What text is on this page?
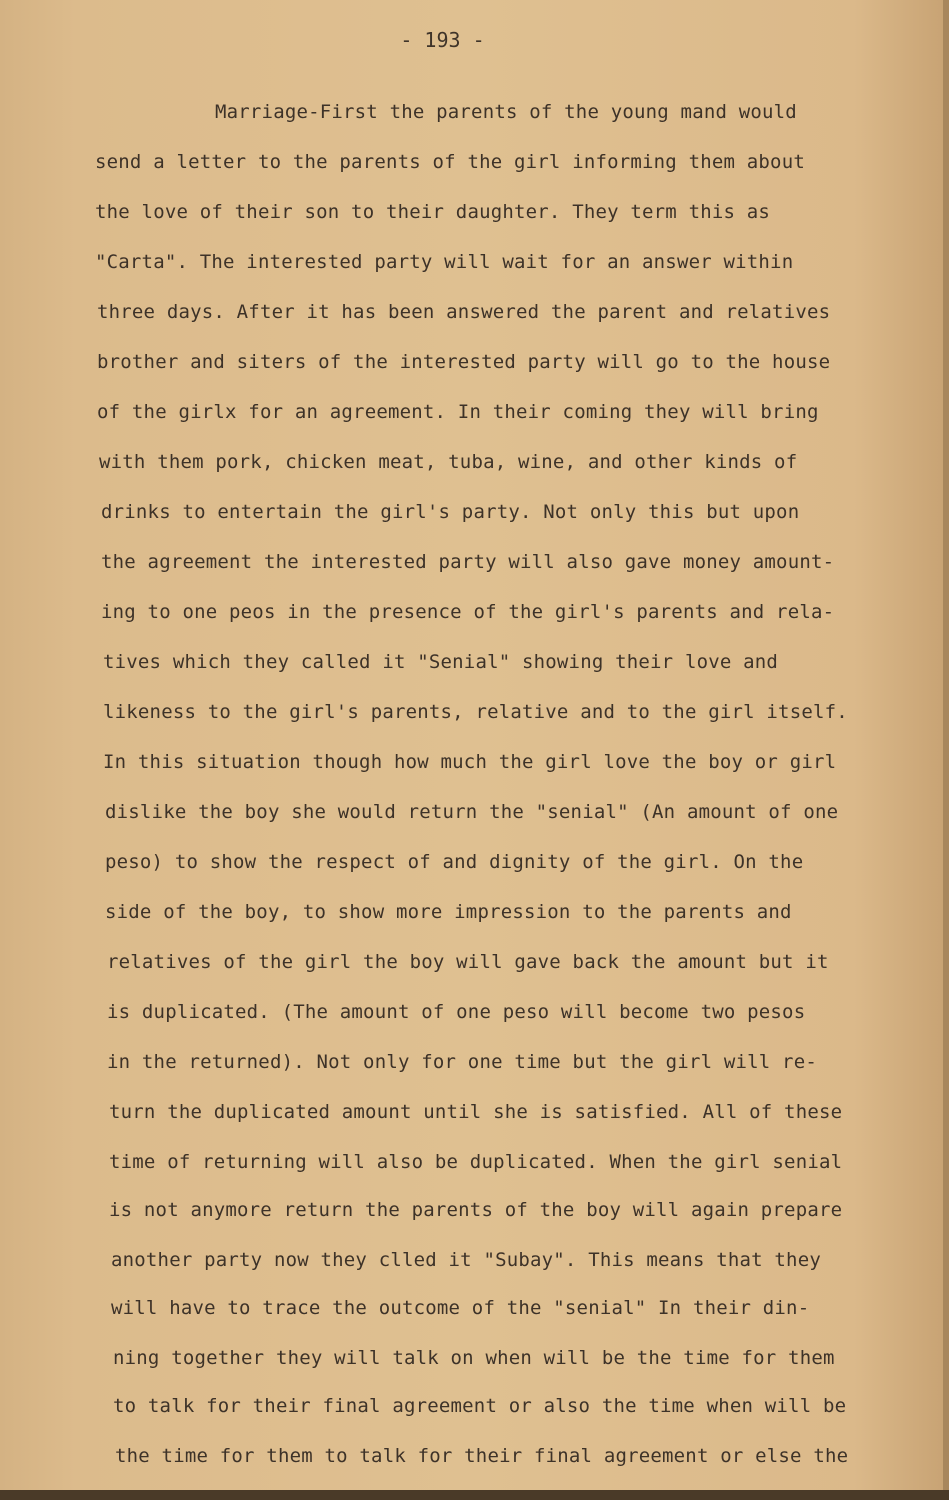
- 193 -
Marriage-First the parents of the young mand would
send a letter to the parents of the girl informing them about
the love of their son to their daughter. They term this as
"Carta". The interested party will wait for an answer within
three days. After it has been answered the parent and relatives
brother and siters of the interested party will go to the house
of the girlx for an agreement. In their coming they will bring
with them pork, chicken meat, tuba, wine, and other kinds of
drinks to entertain the girl's party. Not only this but upon
the agreement the interested party will also gave money amount-
ing to one peos in the presence of the girl's parents and rela-
tives which they called it "Senial" showing their love and
likeness to the girl's parents, relative and to the girl itself.
In this situation though how much the girl love the boy or girl
dislike the boy she would return the "senial" (An amount of one
peso) to show the respect of and dignity of the girl. On the
side of the boy, to show more impression to the parents and
relatives of the girl the boy will gave back the amount but it
is duplicated. (The amount of one peso will become two pesos
in the returned). Not only for one time but the girl will re-
turn the duplicated amount until she is satisfied. All of these
time of returning will also be duplicated. When the girl senial
is not anymore return the parents of the boy will again prepare
another party now they clled it "Subay". This means that they
will have to trace the outcome of the "senial" In their din-
ning together they will talk on when will be the time for them
to talk for their final agreement or also the time when will be
the time for them to talk for their final agreement or else the
